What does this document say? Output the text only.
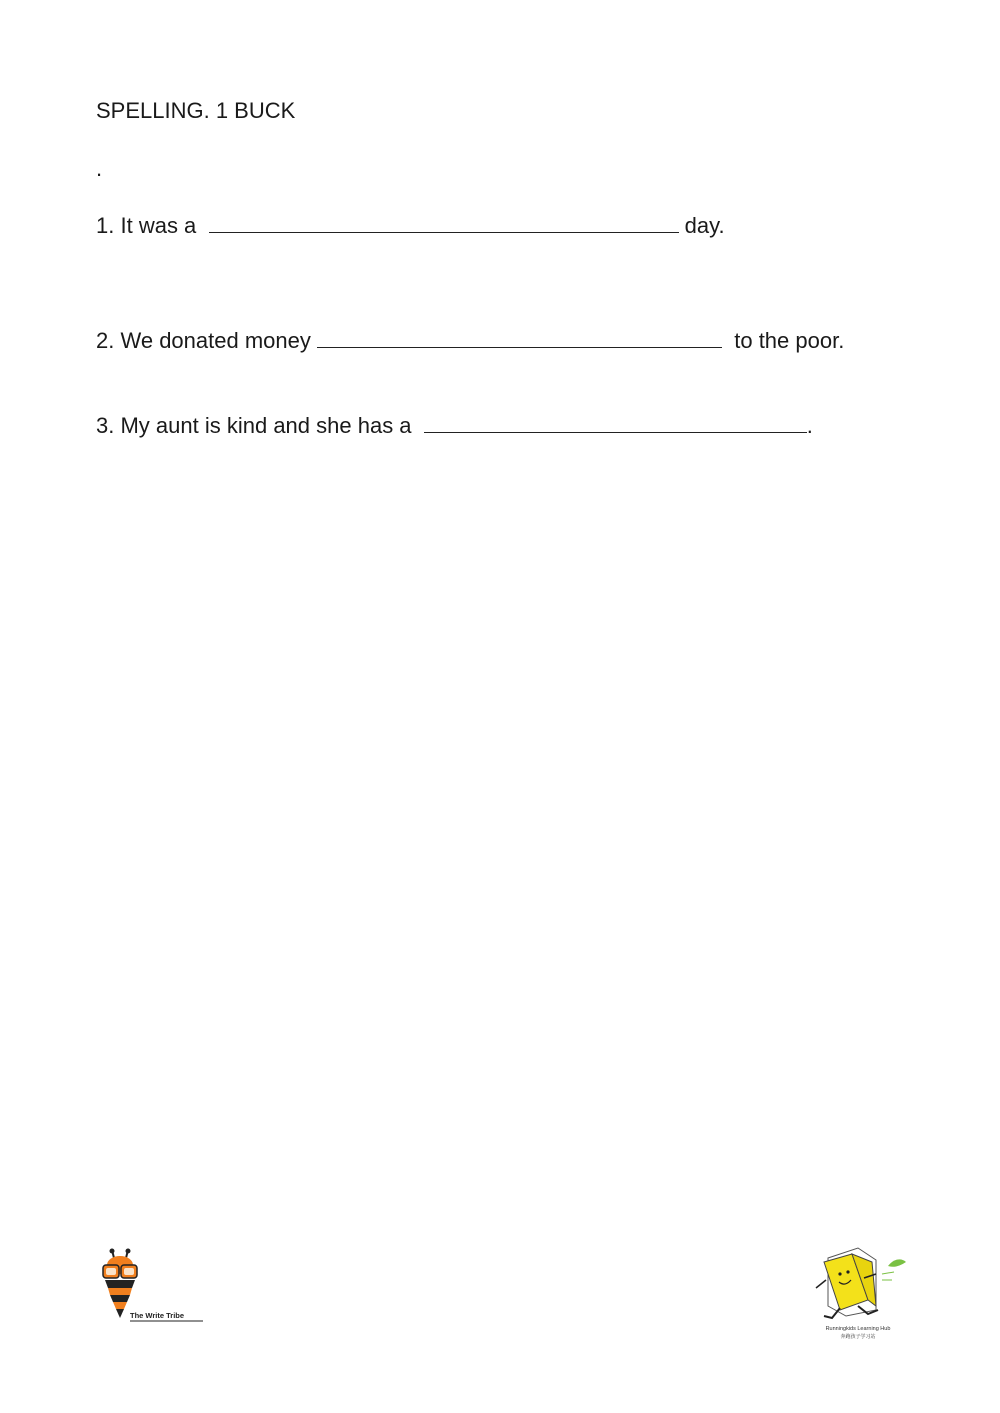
SPELLING. 1 BUCK
.
1. It was a	day.
2. We donated money	to the poor.
3. My aunt is kind and she has a	.
The Write Tribe
Runningkids Learning Hub
奔跑孩子学习站
